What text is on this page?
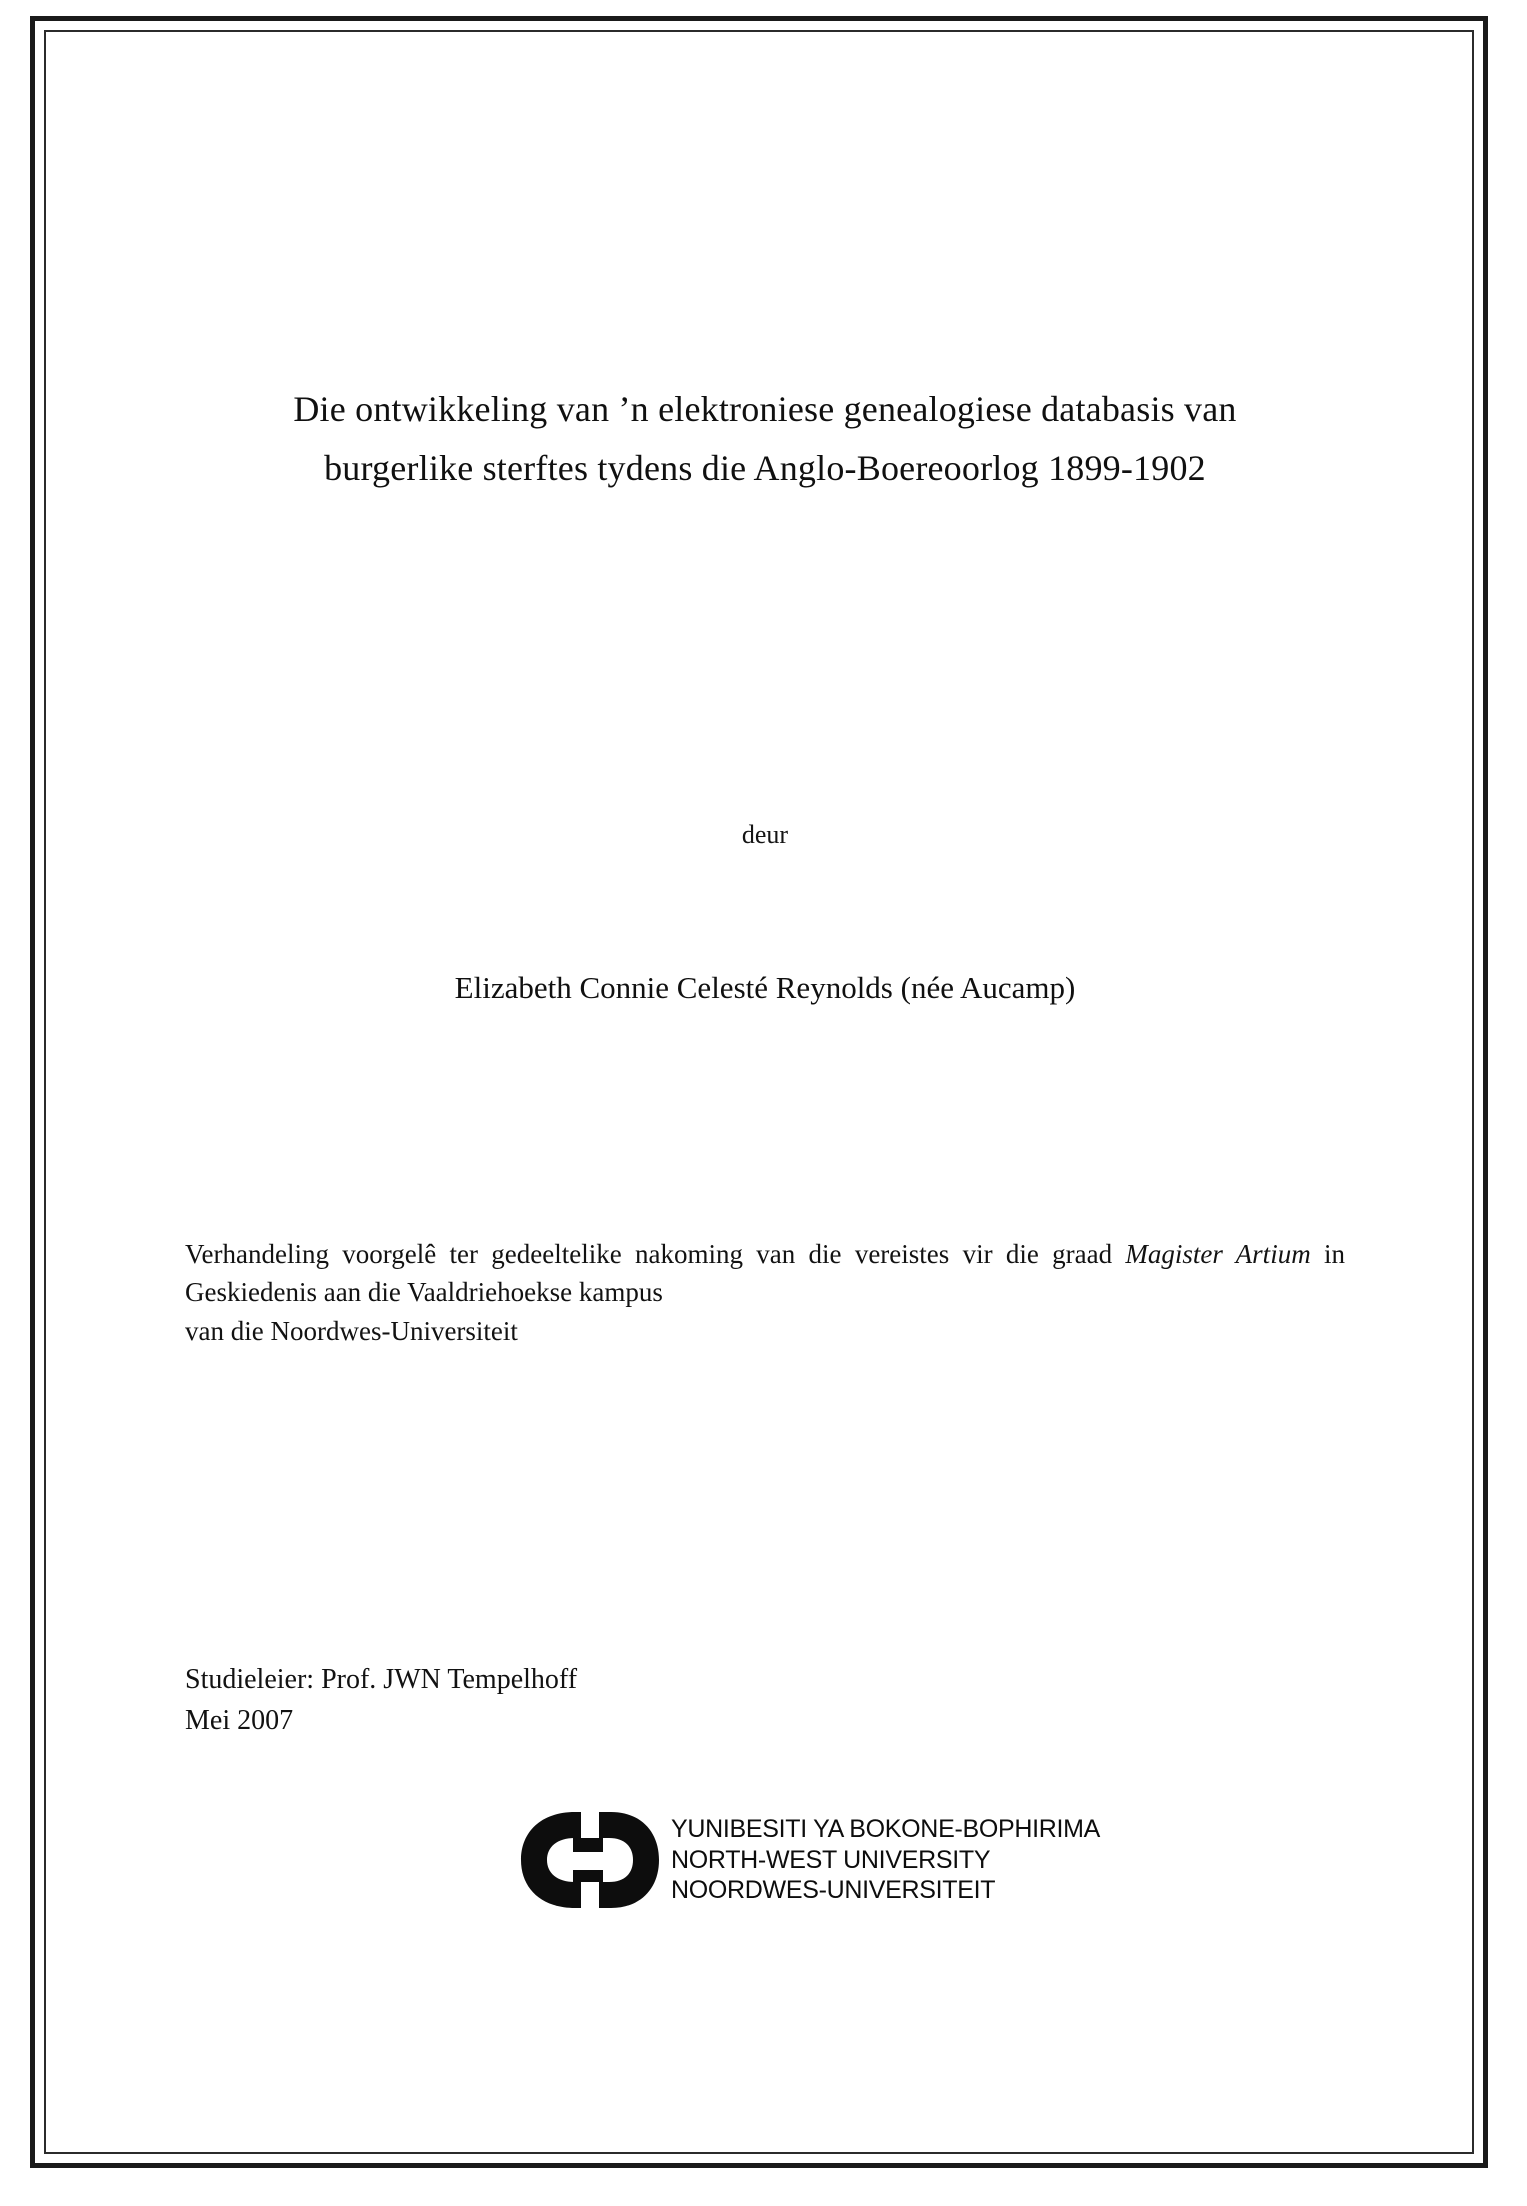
Die ontwikkeling van ’n elektroniese genealogiese databasis van
burgerlike sterftes tydens die Anglo-Boereoorlog 1899-1902
deur
Elizabeth Connie Celesté Reynolds (née Aucamp)
Verhandeling voorgelê ter gedeeltelike nakoming van die vereistes vir die graad Magister Artium in Geskiedenis aan die Vaaldriehoekse kampus
van die Noordwes-Universiteit
Studieleier: Prof. JWN Tempelhoff
Mei 2007
YUNIBESITI YA BOKONE-BOPHIRIMA
NORTH-WEST UNIVERSITY
NOORDWES-UNIVERSITEIT
